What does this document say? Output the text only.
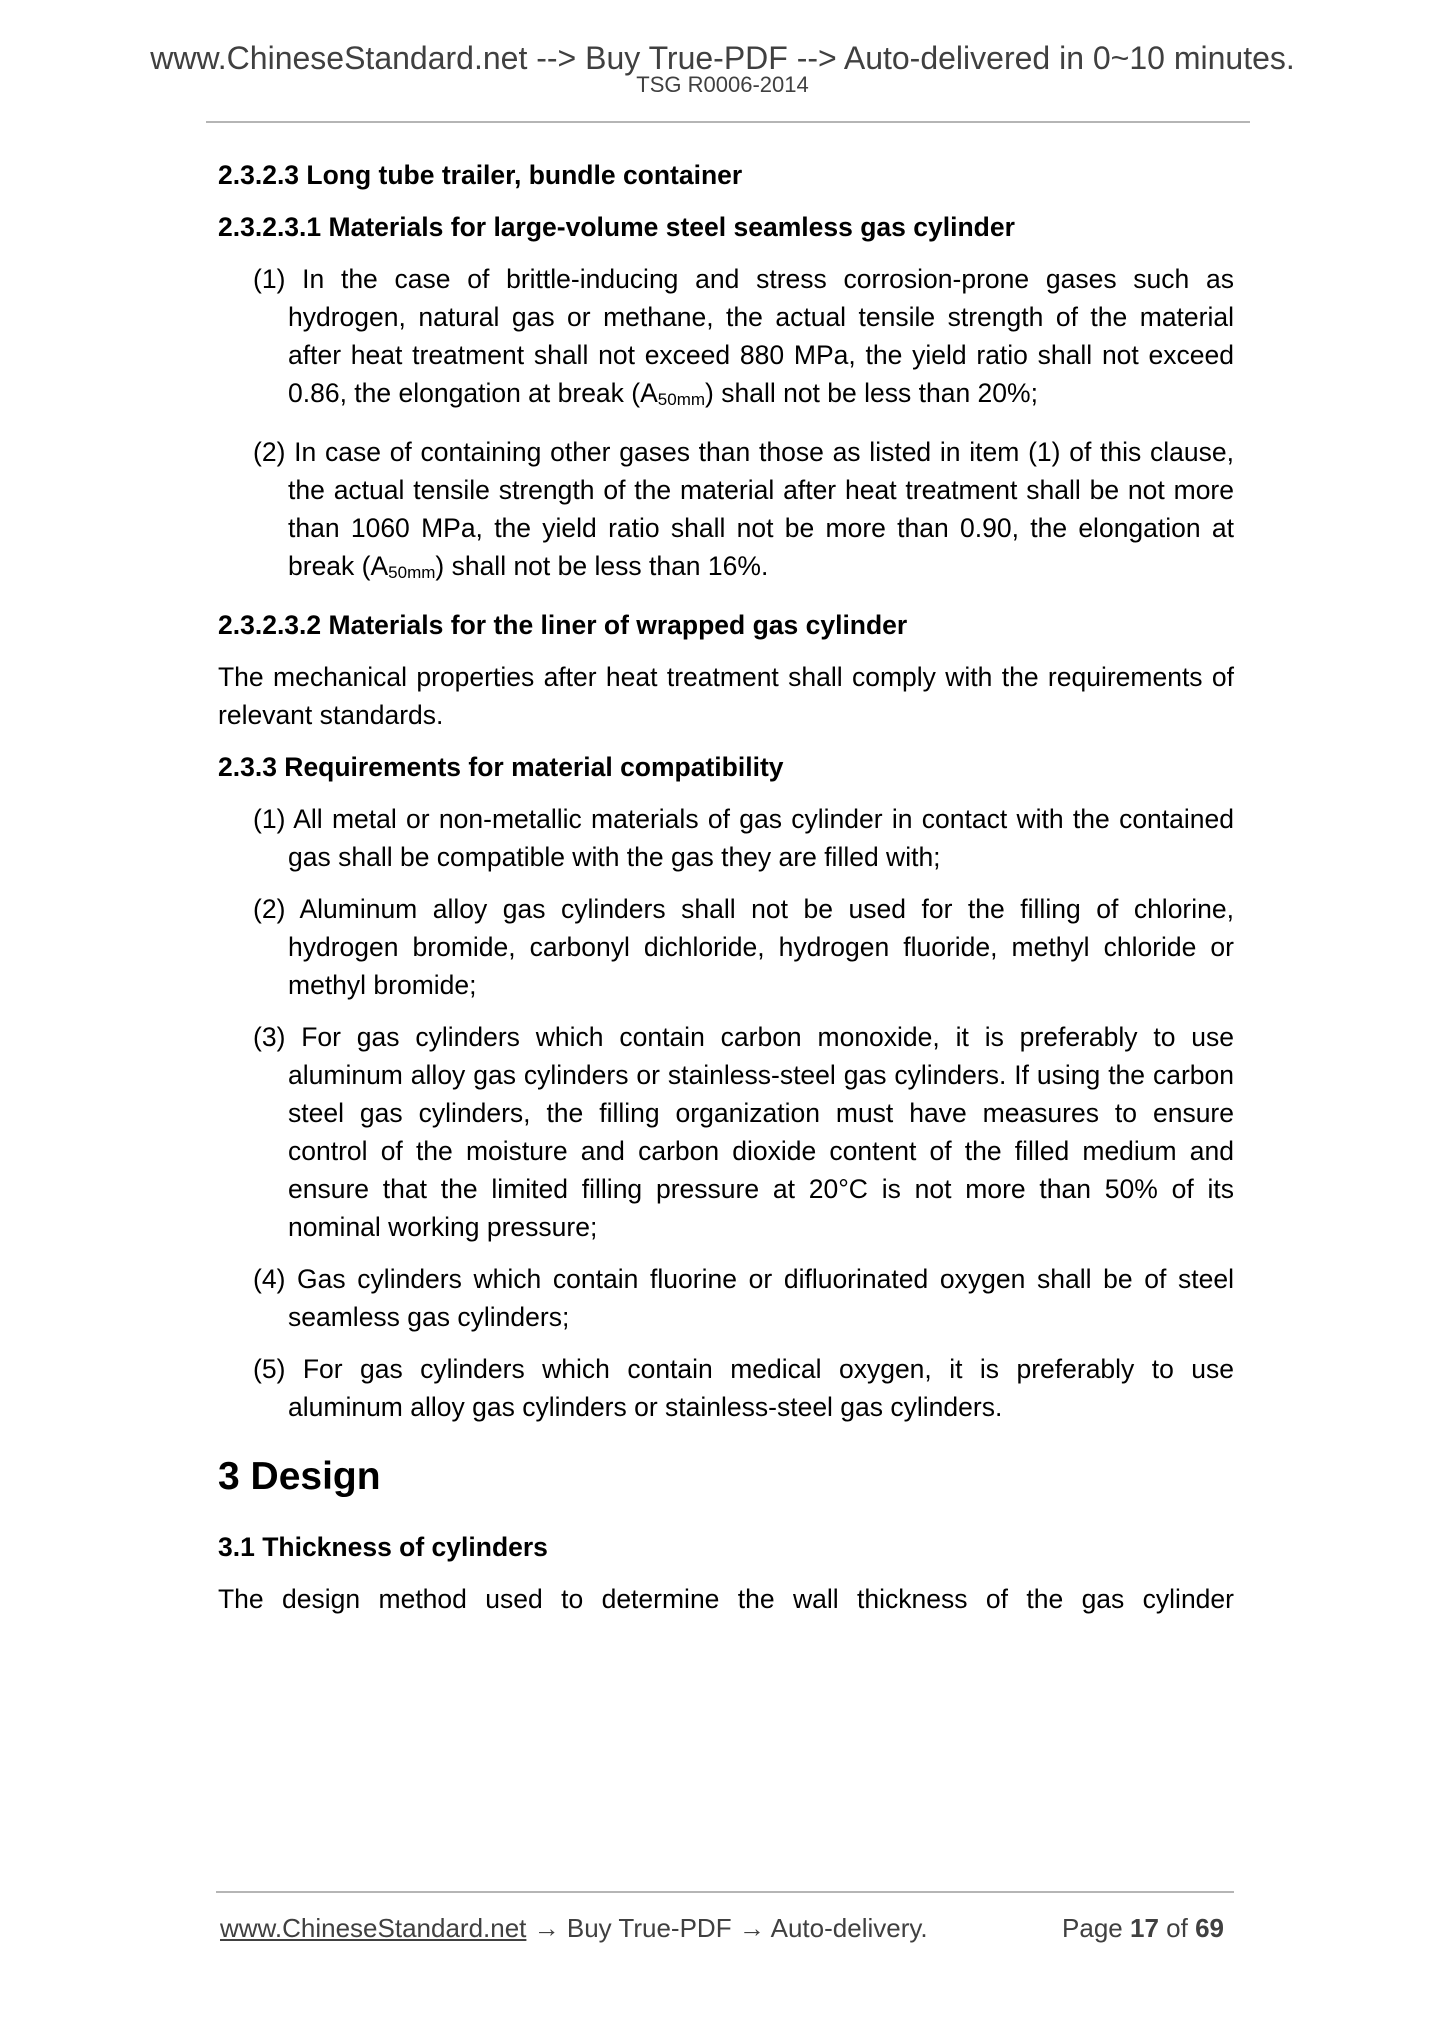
www.ChineseStandard.net --> Buy True-PDF --> Auto-delivered in 0~10 minutes.
TSG R0006-2014

2.3.2.3 Long tube trailer, bundle container

2.3.2.3.1 Materials for large-volume steel seamless gas cylinder

(1) In the case of brittle-inducing and stress corrosion-prone gases such as hydrogen, natural gas or methane, the actual tensile strength of the material after heat treatment shall not exceed 880 MPa, the yield ratio shall not exceed 0.86, the elongation at break (A50mm) shall not be less than 20%;

(2) In case of containing other gases than those as listed in item (1) of this clause, the actual tensile strength of the material after heat treatment shall be not more than 1060 MPa, the yield ratio shall not be more than 0.90, the elongation at break (A50mm) shall not be less than 16%.

2.3.2.3.2 Materials for the liner of wrapped gas cylinder

The mechanical properties after heat treatment shall comply with the requirements of relevant standards.

2.3.3 Requirements for material compatibility

(1) All metal or non-metallic materials of gas cylinder in contact with the contained gas shall be compatible with the gas they are filled with;

(2) Aluminum alloy gas cylinders shall not be used for the filling of chlorine, hydrogen bromide, carbonyl dichloride, hydrogen fluoride, methyl chloride or methyl bromide;

(3) For gas cylinders which contain carbon monoxide, it is preferably to use aluminum alloy gas cylinders or stainless-steel gas cylinders. If using the carbon steel gas cylinders, the filling organization must have measures to ensure control of the moisture and carbon dioxide content of the filled medium and ensure that the limited filling pressure at 20°C is not more than 50% of its nominal working pressure;

(4) Gas cylinders which contain fluorine or difluorinated oxygen shall be of steel seamless gas cylinders;

(5) For gas cylinders which contain medical oxygen, it is preferably to use aluminum alloy gas cylinders or stainless-steel gas cylinders.

3 Design

3.1 Thickness of cylinders

The design method used to determine the wall thickness of the gas cylinder

www.ChineseStandard.net → Buy True-PDF → Auto-delivery.	Page 17 of 69
